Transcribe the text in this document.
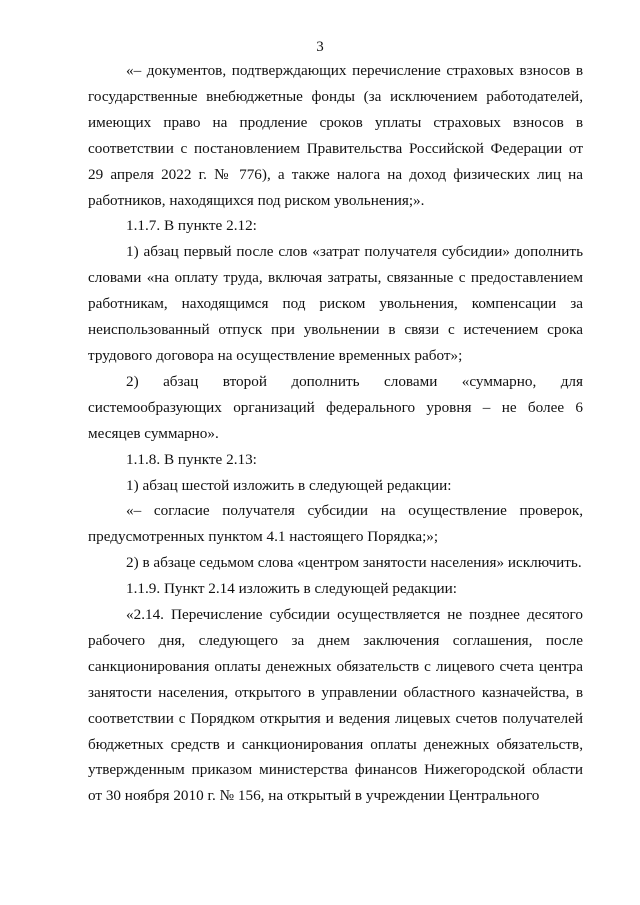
3

«– документов, подтверждающих перечисление страховых взносов в государственные внебюджетные фонды (за исключением работодателей, имеющих право на продление сроков уплаты страховых взносов в соответствии с постановлением Правительства Российской Федерации от 29 апреля 2022 г. № 776), а также налога на доход физических лиц на работников, находящихся под риском увольнения;».

1.1.7. В пункте 2.12:

1) абзац первый после слов «затрат получателя субсидии» дополнить словами «на оплату труда, включая затраты, связанные с предоставлением работникам, находящимся под риском увольнения, компенсации за неиспользованный отпуск при увольнении в связи с истечением срока трудового договора на осуществление временных работ»;

2) абзац второй дополнить словами «суммарно, для системообразующих организаций федерального уровня – не более 6 месяцев суммарно».

1.1.8. В пункте 2.13:

1) абзац шестой изложить в следующей редакции:

«– согласие получателя субсидии на осуществление проверок, предусмотренных пунктом 4.1 настоящего Порядка;»;

2) в абзаце седьмом слова «центром занятости населения» исключить.

1.1.9. Пункт 2.14 изложить в следующей редакции:

«2.14. Перечисление субсидии осуществляется не позднее десятого рабочего дня, следующего за днем заключения соглашения, после санкционирования оплаты денежных обязательств с лицевого счета центра занятости населения, открытого в управлении областного казначейства, в соответствии с Порядком открытия и ведения лицевых счетов получателей бюджетных средств и санкционирования оплаты денежных обязательств, утвержденным приказом министерства финансов Нижегородской области от 30 ноября 2010 г. № 156, на открытый в учреждении Центрального
